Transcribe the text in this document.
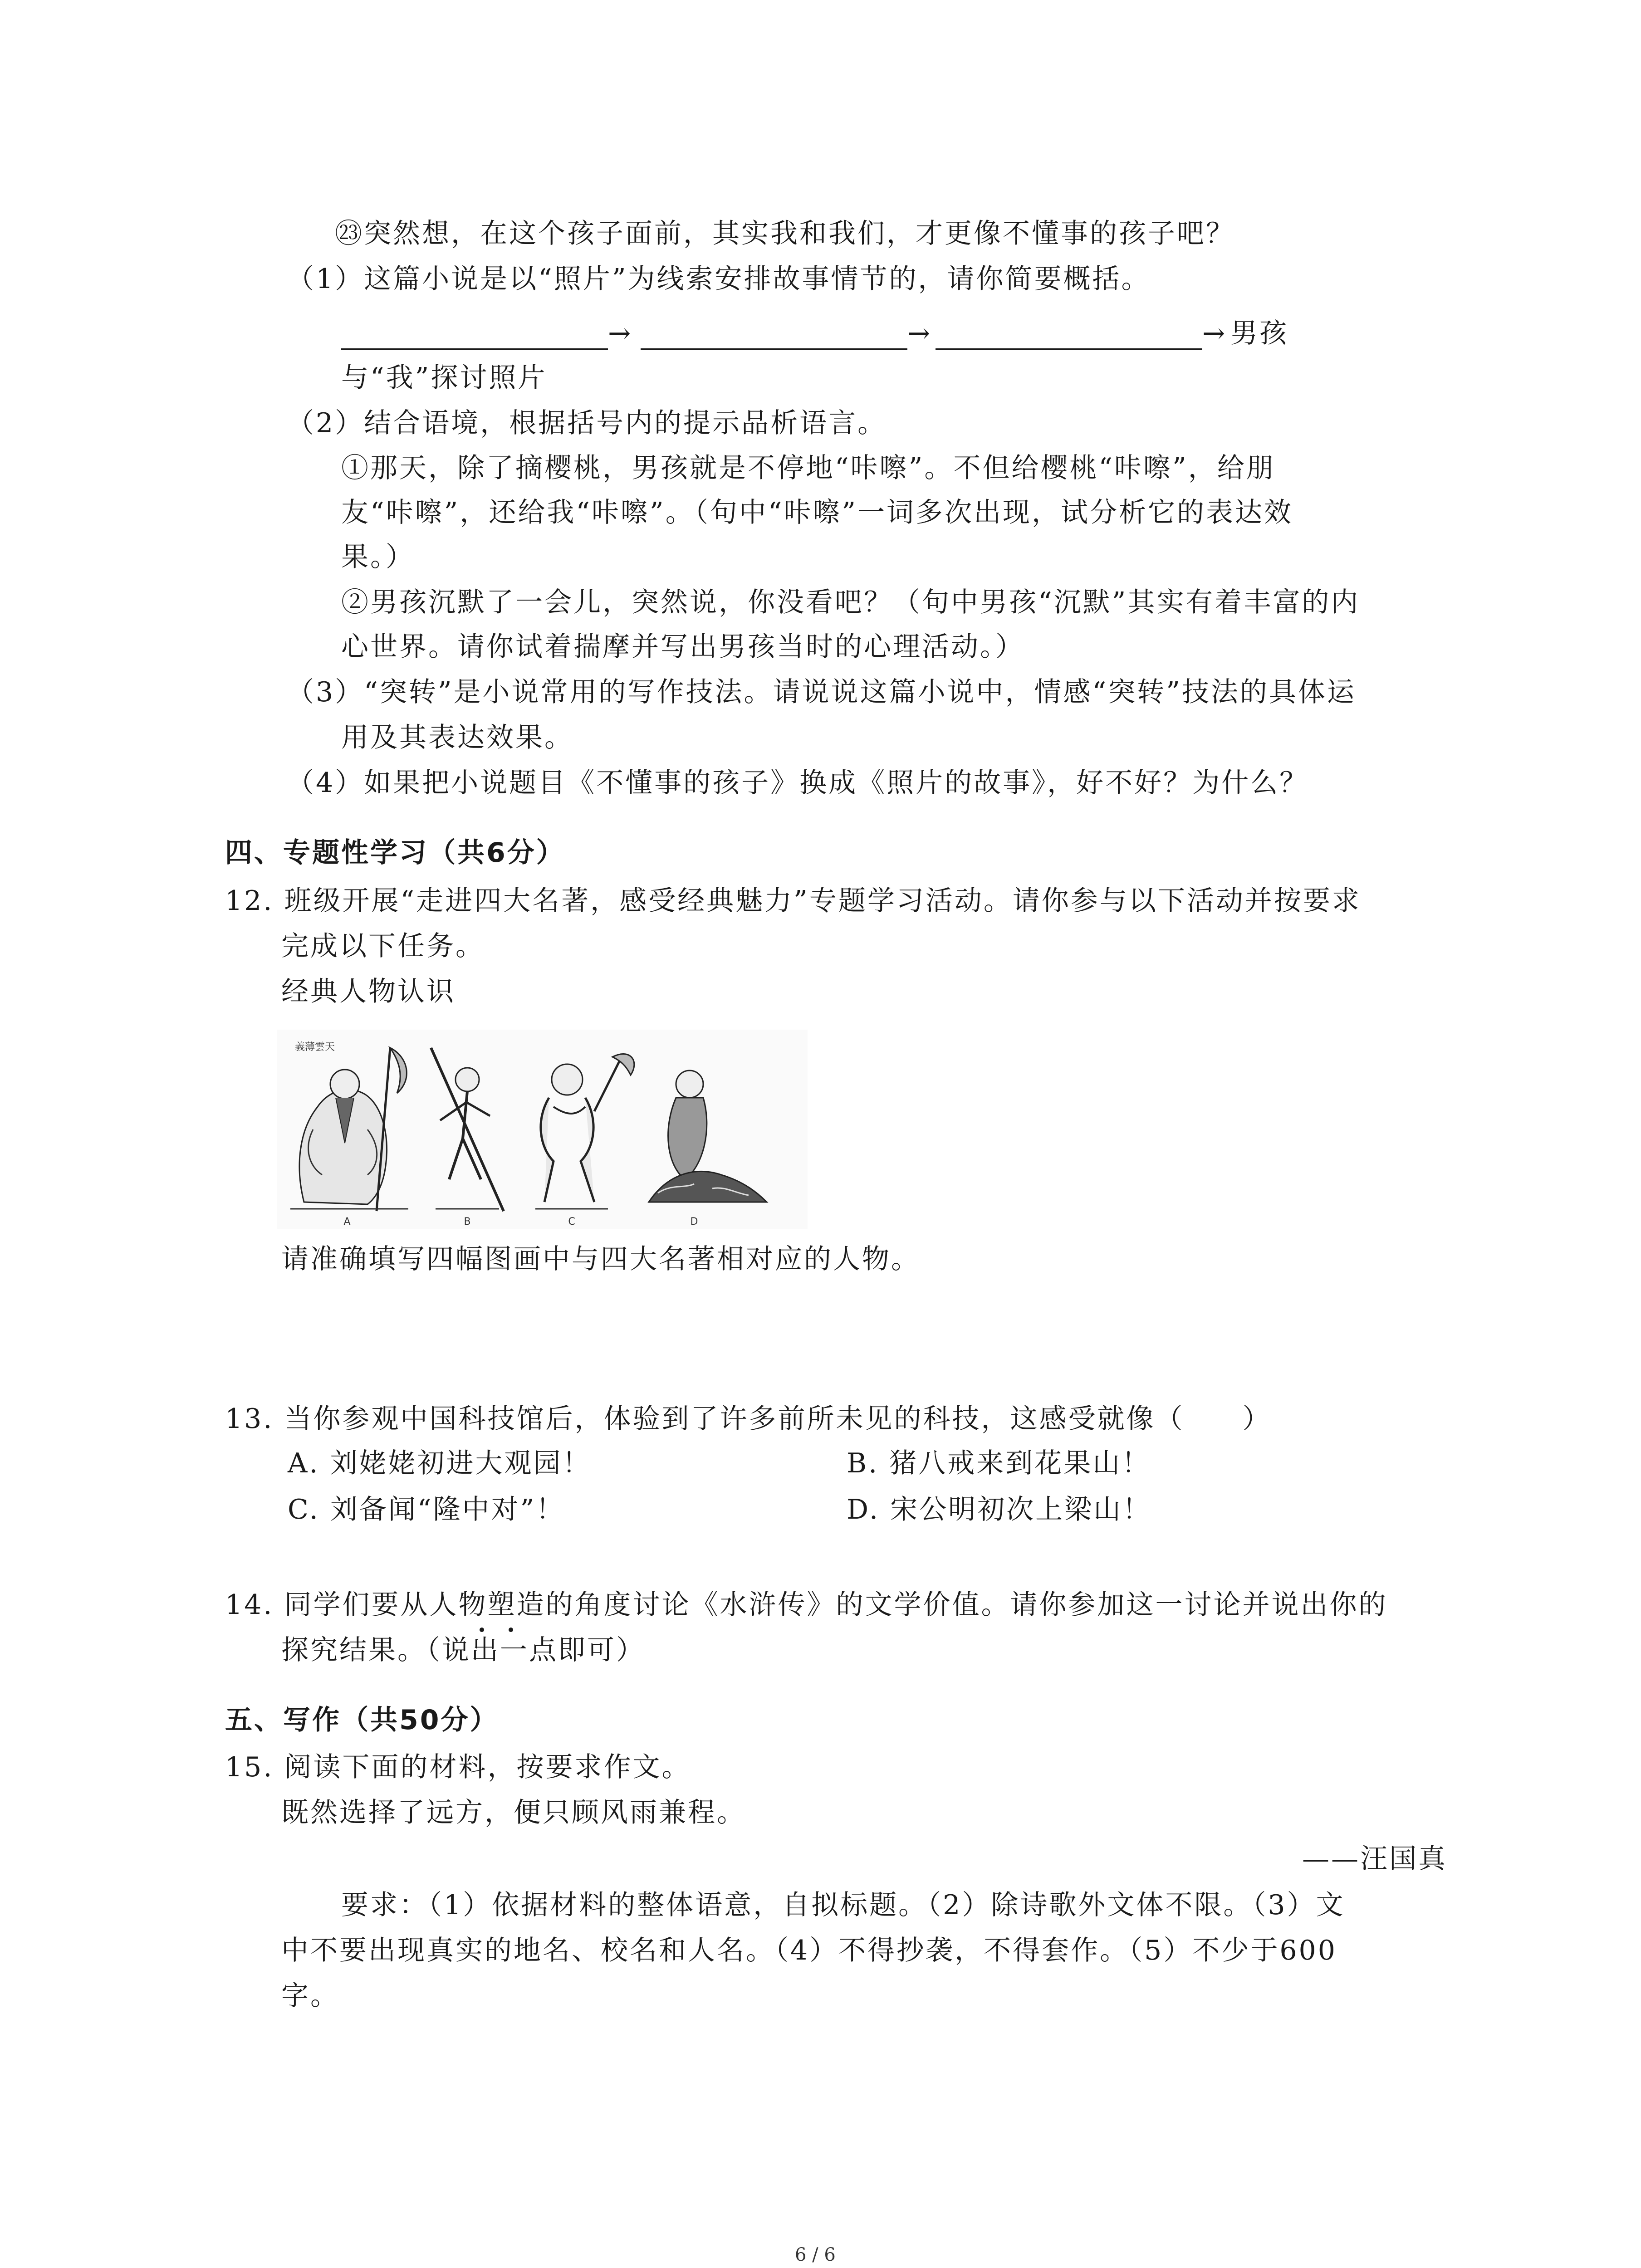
㉓突然想，在这个孩子面前，其实我和我们，才更像不懂事的孩子吧？
（1）这篇小说是以“照片”为线索安排故事情节的，请你简要概括。
→	→	→ 男孩
与“我”探讨照片
（2）结合语境，根据括号内的提示品析语言。
①那天，除了摘樱桃，男孩就是不停地“咔嚓”。不但给樱桃“咔嚓”，给朋
友“咔嚓”，还给我“咔嚓”。（句中“咔嚓”一词多次出现，试分析它的表达效
果。）
②男孩沉默了一会儿，突然说，你没看吧？（句中男孩“沉默”其实有着丰富的内
心世界。请你试着揣摩并写出男孩当时的心理活动。）
（3）“突转”是小说常用的写作技法。请说说这篇小说中，情感“突转”技法的具体运
用及其表达效果。
（4）如果把小说题目《不懂事的孩子》换成《照片的故事》，好不好？为什么？
四、专题性学习（共6分）
12. 班级开展“走进四大名著，感受经典魅力”专题学习活动。请你参与以下活动并按要求
完成以下任务。
经典人物认识
義薄雲天
A	B	C	D
请准确填写四幅图画中与四大名著相对应的人物。
13. 当你参观中国科技馆后，体验到了许多前所未见的科技，这感受就像（　　）
A. 刘姥姥初进大观园！	B. 猪八戒来到花果山！
C. 刘备闻“隆中对”！	D. 宋公明初次上梁山！
14. 同学们要从人物塑造的角度讨论《水浒传》的文学价值。请你参加这一讨论并说出你的
探究结果。（说出一点即可）
五、写作（共50分）
15. 阅读下面的材料，按要求作文。
既然选择了远方，便只顾风雨兼程。
——汪国真
要求：（1）依据材料的整体语意，自拟标题。（2）除诗歌外文体不限。（3）文
中不要出现真实的地名、校名和人名。（4）不得抄袭，不得套作。（5）不少于600
字。
6 / 6
